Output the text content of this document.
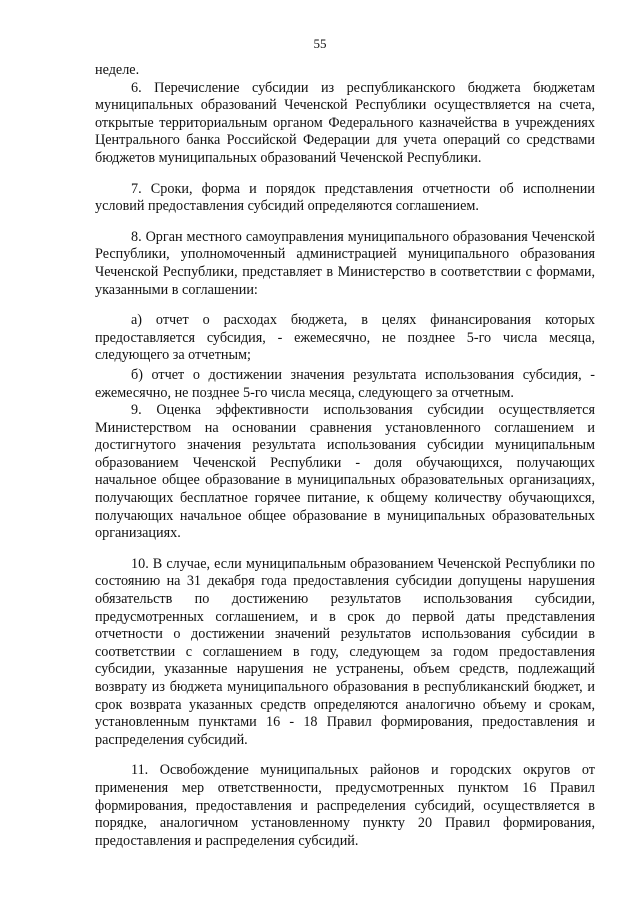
55

неделе.

6. Перечисление субсидии из республиканского бюджета бюджетам муниципальных образований Чеченской Республики осуществляется на счета, открытые территориальным органом Федерального казначейства в учреждениях Центрального банка Российской Федерации для учета операций со средствами бюджетов муниципальных образований Чеченской Республики.

7. Сроки, форма и порядок представления отчетности об исполнении условий предоставления субсидий определяются соглашением.

8. Орган местного самоуправления муниципального образования Чеченской Республики, уполномоченный администрацией муниципального образования Чеченской Республики, представляет в Министерство в соответствии с формами, указанными в соглашении:

а) отчет о расходах бюджета, в целях финансирования которых предоставляется субсидия, - ежемесячно, не позднее 5-го числа месяца, следующего за отчетным;

б) отчет о достижении значения результата использования субсидия, - ежемесячно, не позднее 5-го числа месяца, следующего за отчетным.

9. Оценка эффективности использования субсидии осуществляется Министерством на основании сравнения установленного соглашением и достигнутого значения результата использования субсидии муниципальным образованием Чеченской Республики - доля обучающихся, получающих начальное общее образование в муниципальных образовательных организациях, получающих бесплатное горячее питание, к общему количеству обучающихся, получающих начальное общее образование в муниципальных образовательных организациях.

10. В случае, если муниципальным образованием Чеченской Республики по состоянию на 31 декабря года предоставления субсидии допущены нарушения обязательств по достижению результатов использования субсидии, предусмотренных соглашением, и в срок до первой даты представления отчетности о достижении значений результатов использования субсидии в соответствии с соглашением в году, следующем за годом предоставления субсидии, указанные нарушения не устранены, объем средств, подлежащий возврату из бюджета муниципального образования в республиканский бюджет, и срок возврата указанных средств определяются аналогично объему и срокам, установленным пунктами 16 - 18 Правил формирования, предоставления и распределения субсидий.

11. Освобождение муниципальных районов и городских округов от применения мер ответственности, предусмотренных пунктом 16 Правил формирования, предоставления и распределения субсидий, осуществляется в порядке, аналогичном установленному пункту 20 Правил формирования, предоставления и распределения субсидий.
